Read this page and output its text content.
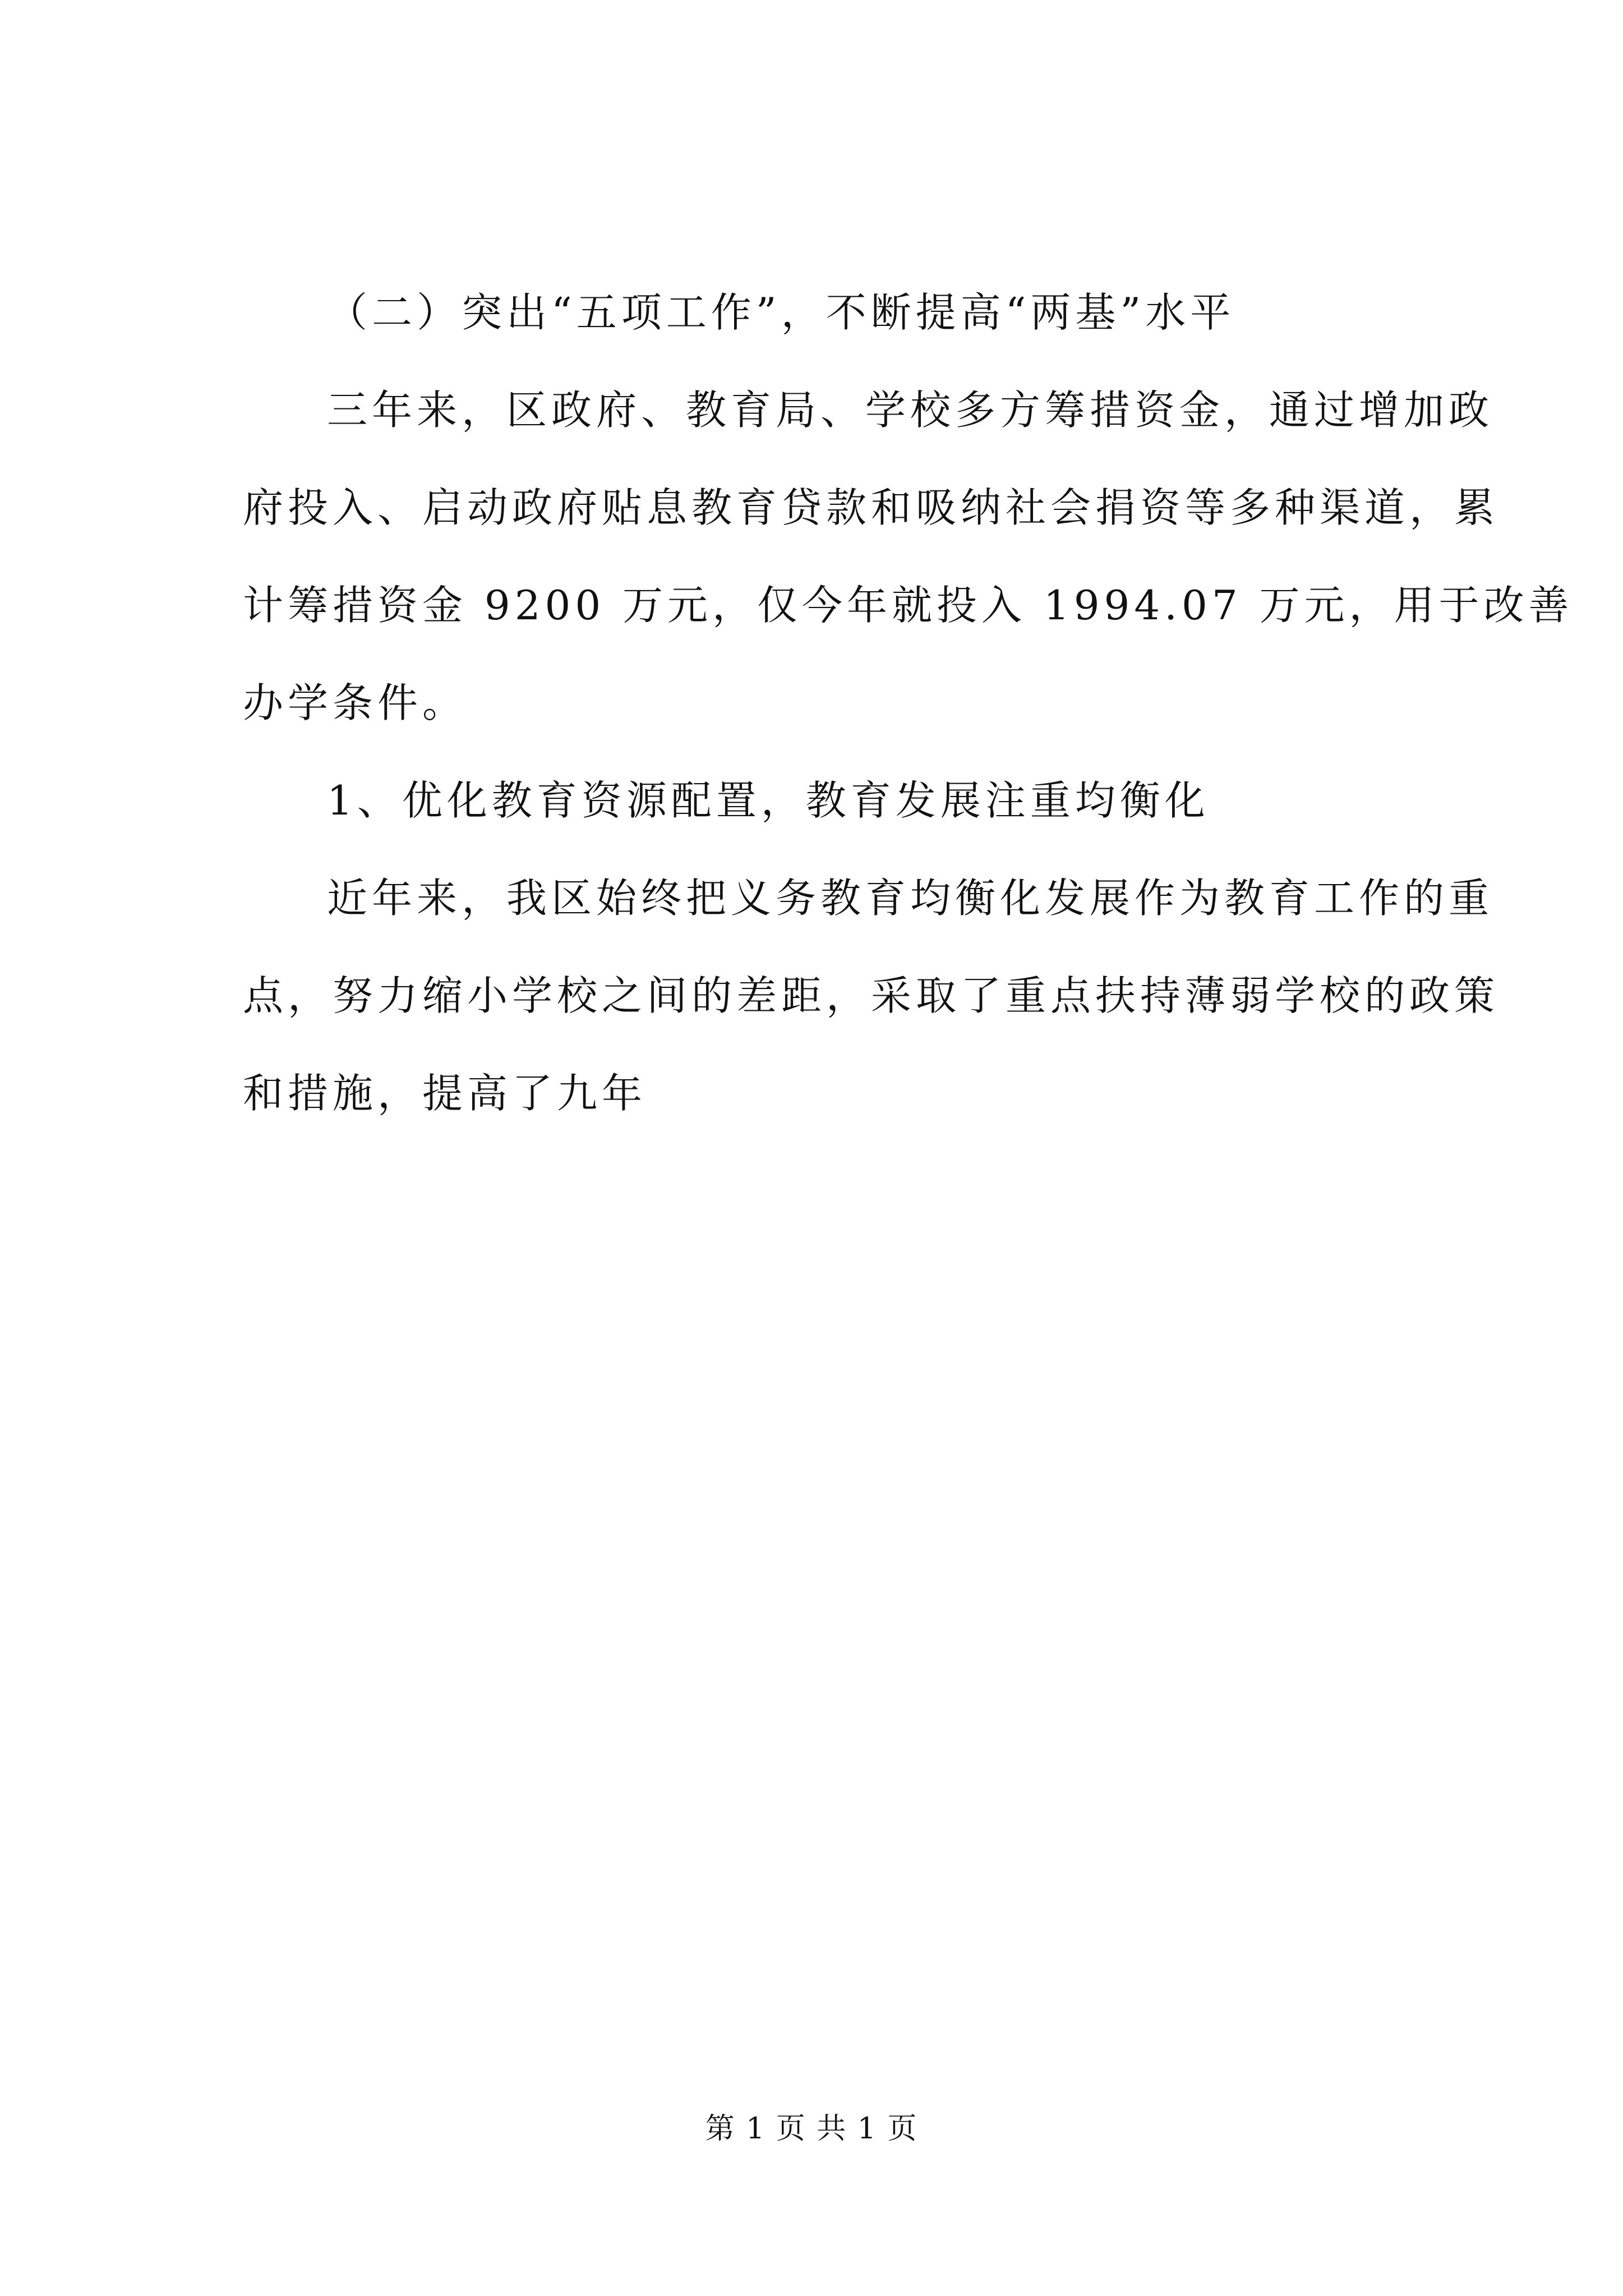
（二）突出“五项工作”，不断提高“两基”水平
三年来，区政府、教育局、学校多方筹措资金，通过增加政
府投入、启动政府贴息教育贷款和吸纳社会捐资等多种渠道，累
计筹措资金 9200 万元，仅今年就投入 1994.07 万元，用于改善
办学条件。
1、优化教育资源配置，教育发展注重均衡化
近年来，我区始终把义务教育均衡化发展作为教育工作的重
点，努力缩小学校之间的差距，采取了重点扶持薄弱学校的政策
和措施，提高了九年
第 1 页 共 1 页
